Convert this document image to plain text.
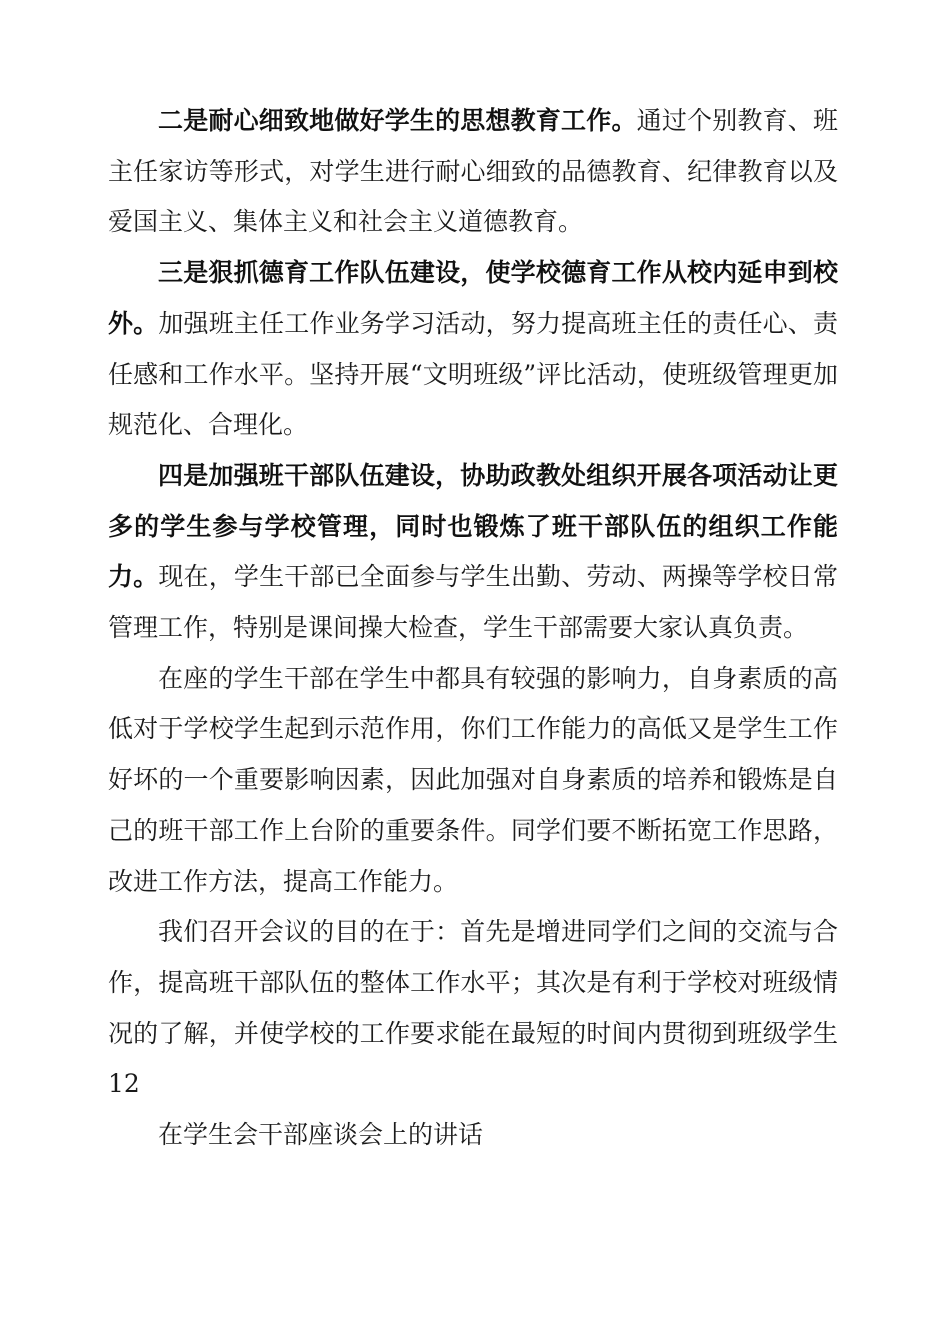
二是耐心细致地做好学生的思想教育工作。通过个别教育、班主任家访等形式，对学生进行耐心细致的品德教育、纪律教育以及爱国主义、集体主义和社会主义道德教育。

三是狠抓德育工作队伍建设，使学校德育工作从校内延申到校外。加强班主任工作业务学习活动，努力提高班主任的责任心、责任感和工作水平。坚持开展“文明班级”评比活动，使班级管理更加规范化、合理化。

四是加强班干部队伍建设，协助政教处组织开展各项活动让更多的学生参与学校管理，同时也锻炼了班干部队伍的组织工作能力。现在，学生干部已全面参与学生出勤、劳动、两操等学校日常管理工作，特别是课间操大检查，学生干部需要大家认真负责。

在座的学生干部在学生中都具有较强的影响力，自身素质的高低对于学校学生起到示范作用，你们工作能力的高低又是学生工作好坏的一个重要影响因素，因此加强对自身素质的培养和锻炼是自己的班干部工作上台阶的重要条件。同学们要不断拓宽工作思路，改进工作方法，提高工作能力。

我们召开会议的目的在于：首先是增进同学们之间的交流与合作，提高班干部队伍的整体工作水平；其次是有利于学校对班级情况的了解，并使学校的工作要求能在最短的时间内贯彻到班级学生 12

在学生会干部座谈会上的讲话
